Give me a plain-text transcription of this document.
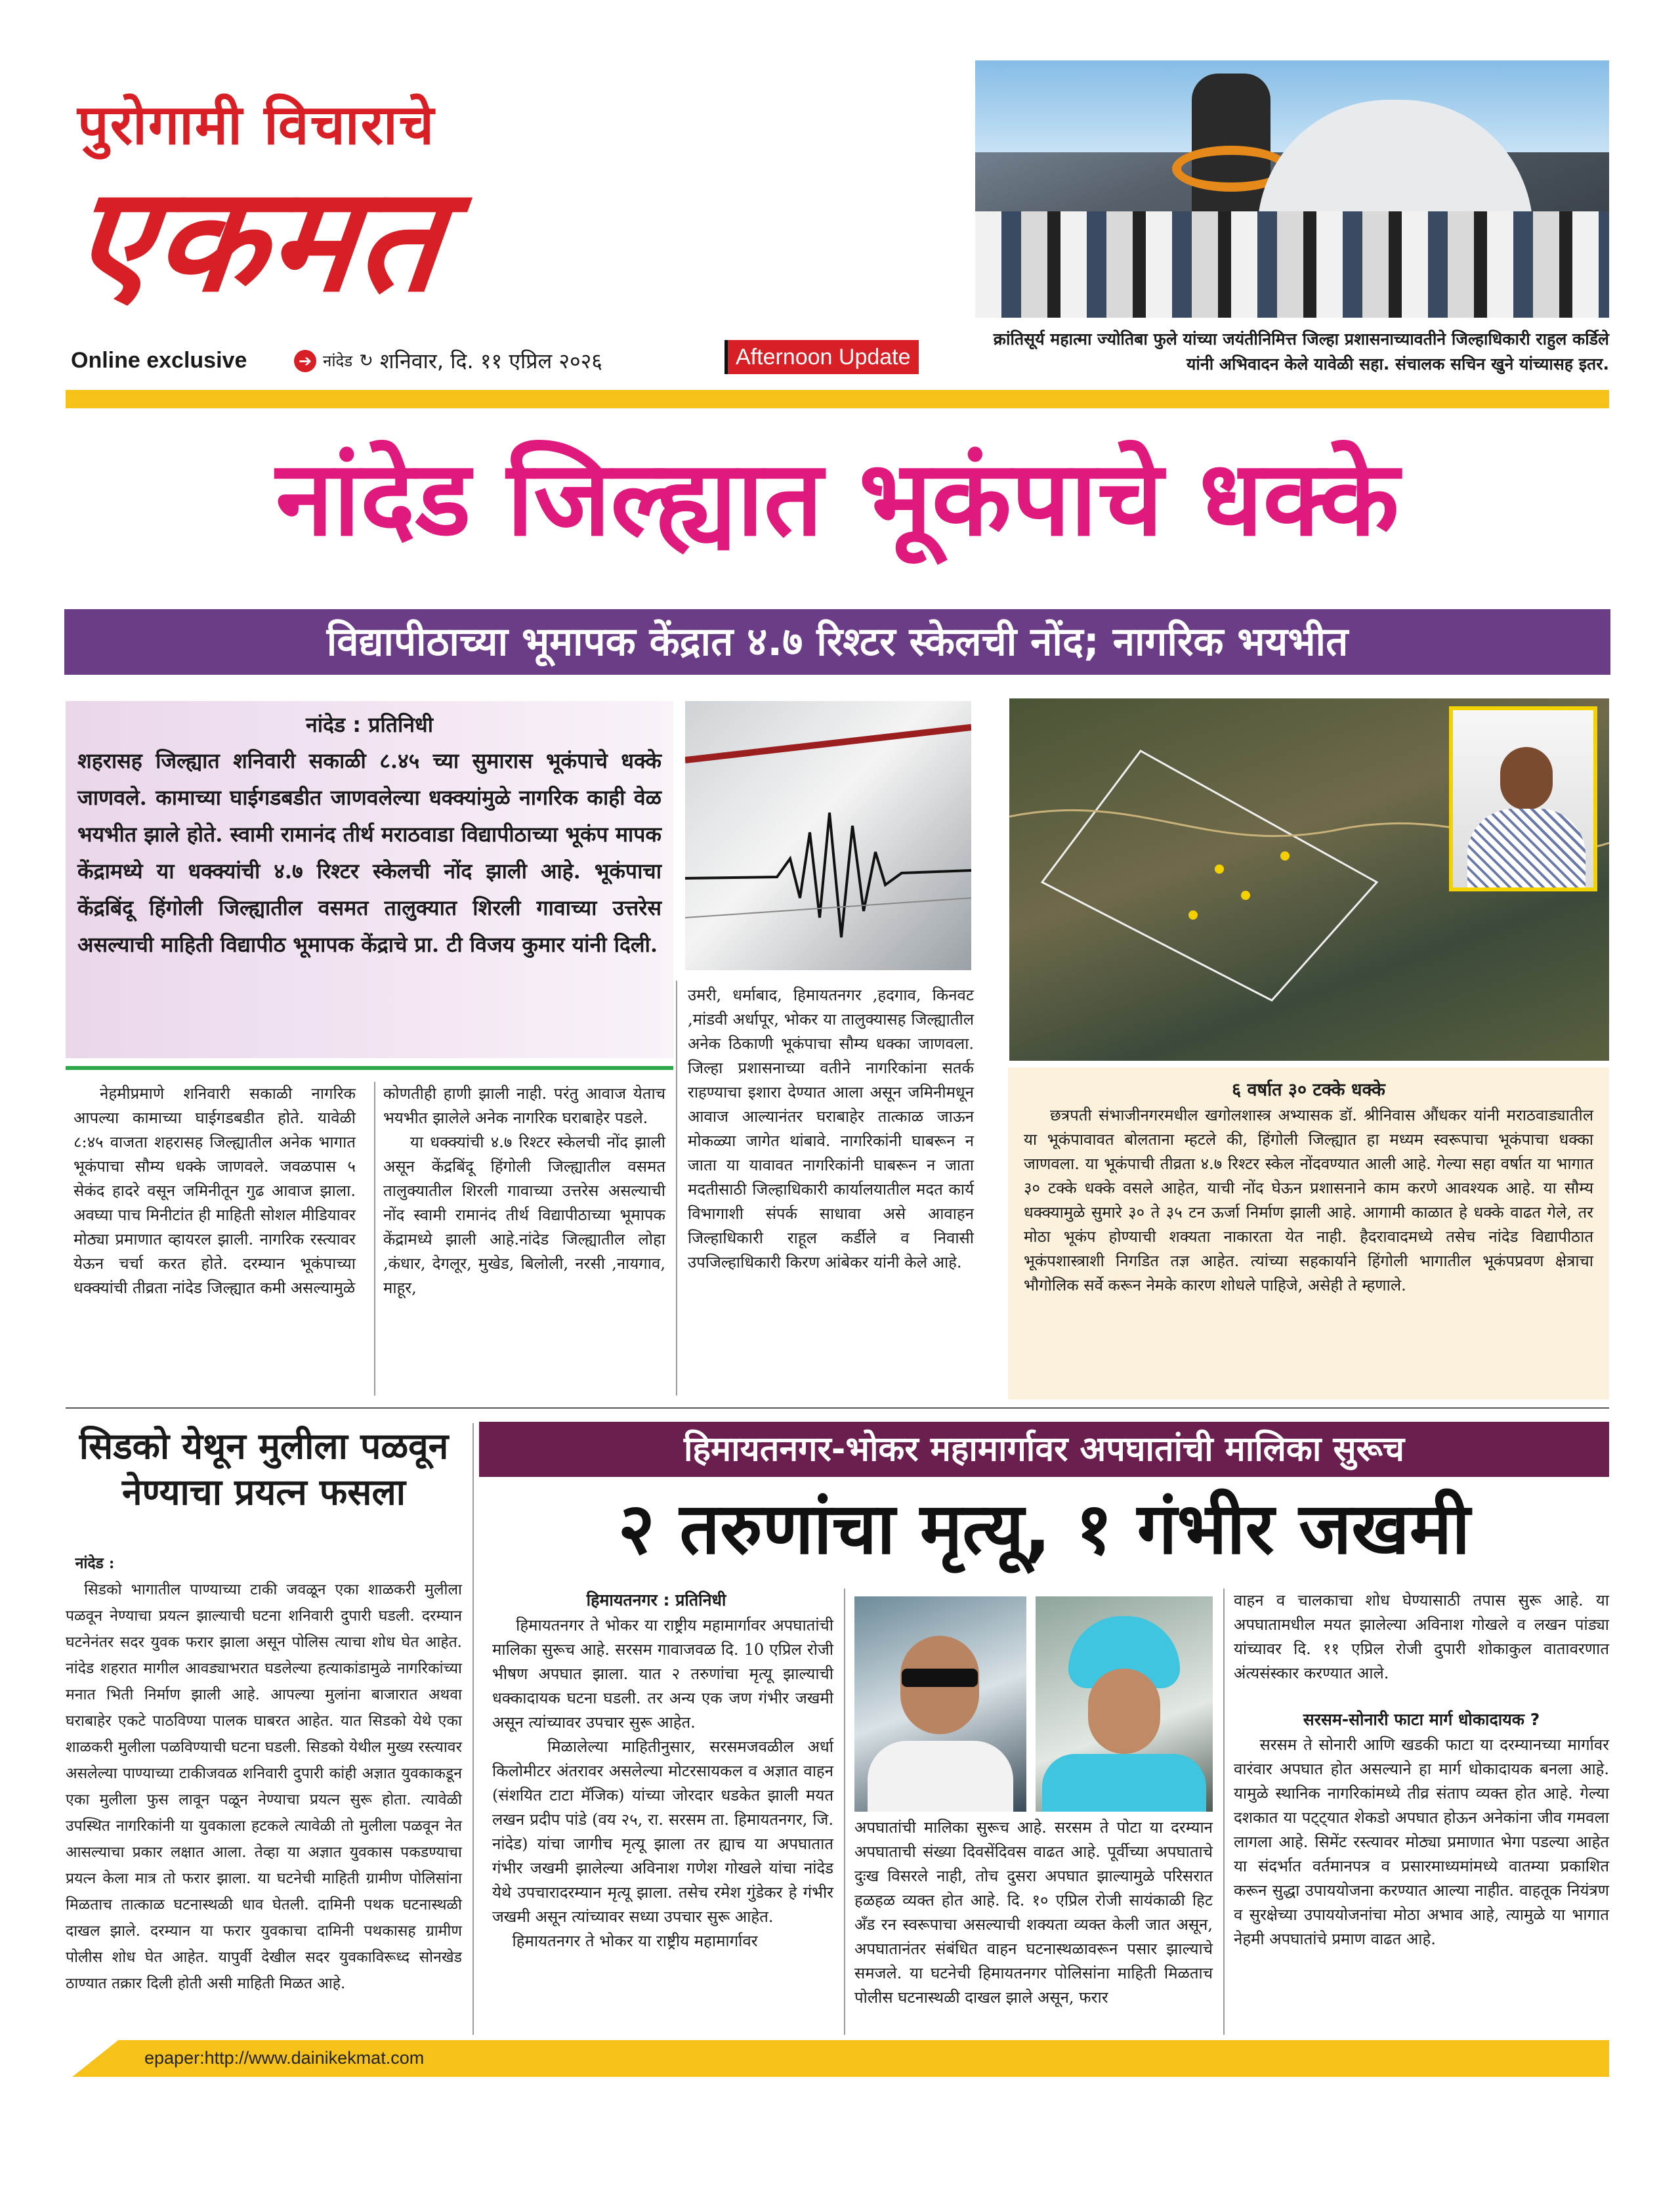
पुरोगामी विचाराचे
एकमत
Online exclusive	➔ नांदेड ↻ शनिवार, दि. ११ एप्रिल २०२६	Afternoon Update
क्रांतिसूर्य महात्मा ज्योतिबा फुले यांच्या जयंतीनिमित्त जिल्हा प्रशासनाच्यावतीने जिल्हाधिकारी राहुल कर्डिले यांनी अभिवादन केले यावेळी सहा. संचालक सचिन खुने यांच्यासह इतर.
नांदेड जिल्ह्यात भूकंपाचे धक्के
विद्यापीठाच्या भूमापक केंद्रात ४.७ रिश्टर स्केलची नोंद; नागरिक भयभीत
नांदेड : प्रतिनिधी
शहरासह जिल्ह्यात शनिवारी सकाळी ८.४५ च्या सुमारास भूकंपाचे धक्के जाणवले. कामाच्या घाईगडबडीत जाणवलेल्या धक्क्यांमुळे नागरिक काही वेळ भयभीत झाले होते. स्वामी रामानंद तीर्थ मराठवाडा विद्यापीठाच्या भूकंप मापक केंद्रामध्ये या धक्क्यांची ४.७ रिश्टर स्केलची नोंद झाली आहे. भूकंपाचा केंद्रबिंदू हिंगोली जिल्ह्यातील वसमत तालुक्यात शिरली गावाच्या उत्तरेस असल्याची माहिती विद्यापीठ भूमापक केंद्राचे प्रा. टी विजय कुमार यांनी दिली.
नेहमीप्रमाणे शनिवारी सकाळी नागरिक आपल्या कामाच्या घाईगडबडीत होते. यावेळी ८:४५ वाजता शहरासह जिल्ह्यातील अनेक भागात भूकंपाचा सौम्य धक्के जाणवले. जवळपास ५ सेकंद हादरे वसून जमिनीतून गुढ आवाज झाला. अवघ्या पाच मिनीटांत ही माहिती सोशल मीडियावर मोठ्या प्रमाणात व्हायरल झाली. नागरिक रस्त्यावर येऊन चर्चा करत होते. दरम्यान भूकंपाच्या धक्क्यांची तीव्रता नांदेड जिल्ह्यात कमी असल्यामुळे
कोणतीही हाणी झाली नाही. परंतु आवाज येताच भयभीत झालेले अनेक नागरिक घराबाहेर पडले.
या धक्क्यांची ४.७ रिश्टर स्केलची नोंद झाली असून केंद्रबिंदू हिंगोली जिल्ह्यातील वसमत तालुक्यातील शिरली गावाच्या उत्तरेस असल्याची नोंद स्वामी रामानंद तीर्थ विद्यापीठाच्या भूमापक केंद्रामध्ये झाली आहे.नांदेड जिल्ह्यातील लोहा ,कंधार, देगलूर, मुखेड, बिलोली, नरसी ,नायगाव, माहूर,
उमरी, धर्माबाद, हिमायतनगर ,हदगाव, किनवट ,मांडवी अर्धापूर, भोकर या तालुक्यासह जिल्ह्यातील अनेक ठिकाणी भूकंपाचा सौम्य धक्का जाणवला. जिल्हा प्रशासनाच्या वतीने नागरिकांना सतर्क राहण्याचा इशारा देण्यात आला असून जमिनीमधून आवाज आल्यानंतर घराबाहेर तात्काळ जाऊन मोकळ्या जागेत थांबावे. नागरिकांनी घाबरून न जाता या यावावत नागरिकांनी घाबरून न जाता मदतीसाठी जिल्हाधिकारी कार्यालयातील मदत कार्य विभागाशी संपर्क साधावा असे आवाहन जिल्हाधिकारी राहूल कर्डीले व निवासी उपजिल्हाधिकारी किरण आंबेकर यांनी केले आहे.
६ वर्षात ३० टक्के धक्के
छत्रपती संभाजीनगरमधील खगोलशास्त्र अभ्यासक डॉ. श्रीनिवास औंधकर यांनी मराठवाड्यातील या भूकंपावावत बोलताना म्हटले की, हिंगोली जिल्ह्यात हा मध्यम स्वरूपाचा भूकंपाचा धक्का जाणवला. या भूकंपाची तीव्रता ४.७ रिश्टर स्केल नोंदवण्यात आली आहे. गेल्या सहा वर्षात या भागात ३० टक्के धक्के वसले आहेत, याची नोंद घेऊन प्रशासनाने काम करणे आवश्यक आहे. या सौम्य धक्क्यामुळे सुमारे ३० ते ३५ टन ऊर्जा निर्माण झाली आहे. आगामी काळात हे धक्के वाढत गेले, तर मोठा भूकंप होण्याची शक्यता नाकारता येत नाही. हैदरावादमध्ये तसेच नांदेड विद्यापीठात भूकंपशास्त्राशी निगडित तज्ञ आहेत. त्यांच्या सहकार्याने हिंगोली भागातील भूकंपप्रवण क्षेत्राचा भौगोलिक सर्वे करून नेमके कारण शोधले पाहिजे, असेही ते म्हणाले.
सिडको येथून मुलीला पळवून नेण्याचा प्रयत्न फसला

नांदेड :
सिडको भागातील पाण्याच्या टाकी जवळून एका शाळकरी मुलीला पळवून नेण्याचा प्रयत्न झाल्याची घटना शनिवारी दुपारी घडली. दरम्यान घटनेनंतर सदर युवक फरार झाला असून पोलिस त्याचा शोध घेत आहेत. नांदेड शहरात मागील आवड्याभरात घडलेल्या हत्याकांडामुळे नागरिकांच्या मनात भिती निर्माण झाली आहे. आपल्या मुलांना बाजारात अथवा घराबाहेर एकटे पाठविण्या पालक घाबरत आहेत. यात सिडको येथे एका शाळकरी मुलीला पळविण्याची घटना घडली. सिडको येथील मुख्य रस्त्यावर असलेल्या पाण्याच्या टाकीजवळ शनिवारी दुपारी कांही अज्ञात युवकाकडून एका मुलीला फुस लावून पळून नेण्याचा प्रयत्न सुरू होता. त्यावेळी उपस्थित नागरिकांनी या युवकाला हटकले त्यावेळी तो मुलीला पळवून नेत आसल्याचा प्रकार लक्षात आला. तेव्हा या अज्ञात युवकास पकडण्याचा प्रयत्न केला मात्र तो फरार झाला. या घटनेची माहिती ग्रामीण पोलिसांना मिळताच तात्काळ घटनास्थळी धाव घेतली. दामिनी पथक घटनास्थळी दाखल झाले. दरम्यान या फरार युवकाचा दामिनी पथकासह ग्रामीण पोलीस शोध घेत आहेत. यापुर्वी देखील सदर युवकाविरूध्द सोनखेड ठाण्यात तक्रार दिली होती असी माहिती मिळत आहे.

हिमायतनगर-भोकर महामार्गावर अपघातांची मालिका सुरूच
२ तरुणांचा मृत्यू, १ गंभीर जखमी
हिमायतनगर : प्रतिनिधी
हिमायतनगर ते भोकर या राष्ट्रीय महामार्गावर अपघातांची मालिका सुरूच आहे. सरसम गावाजवळ दि. 10 एप्रिल रोजी भीषण अपघात झाला. यात २ तरुणांचा मृत्यू झाल्याची धक्कादायक घटना घडली. तर अन्य एक जण गंभीर जखमी असून त्यांच्यावर उपचार सुरू आहेत.
मिळालेल्या माहितीनुसार, सरसमजवळील अर्धा किलोमीटर अंतरावर असलेल्या मोटरसायकल व अज्ञात वाहन (संशयित टाटा मॅजिक) यांच्या जोरदार धडकेत झाली मयत लखन प्रदीप पांडे (वय २५, रा. सरसम ता. हिमायतनगर, जि. नांदेड) यांचा जागीच मृत्यू झाला तर ह्याच या अपघातात गंभीर जखमी झालेल्या अविनाश गणेश गोखले यांचा नांदेड येथे उपचारादरम्यान मृत्यू झाला. तसेच रमेश गुंडेकर हे गंभीर जखमी असून त्यांच्यावर सध्या उपचार सुरू आहेत.
हिमायतनगर ते भोकर या राष्ट्रीय महामार्गावर
अपघातांची मालिका सुरूच आहे. सरसम ते पोटा या दरम्यान अपघाताची संख्या दिवसेंदिवस वाढत आहे. पूर्वीच्या अपघाताचे दुःख विसरले नाही, तोच दुसरा अपघात झाल्यामुळे परिसरात हळहळ व्यक्त होत आहे. दि. १० एप्रिल रोजी सायंकाळी हिट अँड रन स्वरूपाचा असल्याची शक्यता व्यक्त केली जात असून, अपघातानंतर संबंधित वाहन घटनास्थळावरून पसार झाल्याचे समजले. या घटनेची हिमायतनगर पोलिसांना माहिती मिळताच पोलीस घटनास्थळी दाखल झाले असून, फरार
वाहन व चालकाचा शोध घेण्यासाठी तपास सुरू आहे. या अपघातामधील मयत झालेल्या अविनाश गोखले व लखन पांड्या यांच्यावर दि. ११ एप्रिल रोजी दुपारी शोकाकुल वातावरणात अंत्यसंस्कार करण्यात आले.
सरसम-सोनारी फाटा मार्ग धोकादायक ?
सरसम ते सोनारी आणि खडकी फाटा या दरम्यानच्या मार्गावर वारंवार अपघात होत असल्याने हा मार्ग धोकादायक बनला आहे. यामुळे स्थानिक नागरिकांमध्ये तीव्र संताप व्यक्त होत आहे. गेल्या दशकात या पट्ट्यात शेकडो अपघात होऊन अनेकांना जीव गमवला लागला आहे. सिमेंट रस्त्यावर मोठ्या प्रमाणात भेगा पडल्या आहेत या संदर्भात वर्तमानपत्र व प्रसारमाध्यमांमध्ये वातम्या प्रकाशित करून सुद्धा उपाययोजना करण्यात आल्या नाहीत. वाहतूक नियंत्रण व सुरक्षेच्या उपाययोजनांचा मोठा अभाव आहे, त्यामुळे या भागात नेहमी अपघातांचे प्रमाण वाढत आहे.
epaper:http://www.dainikekmat.com
